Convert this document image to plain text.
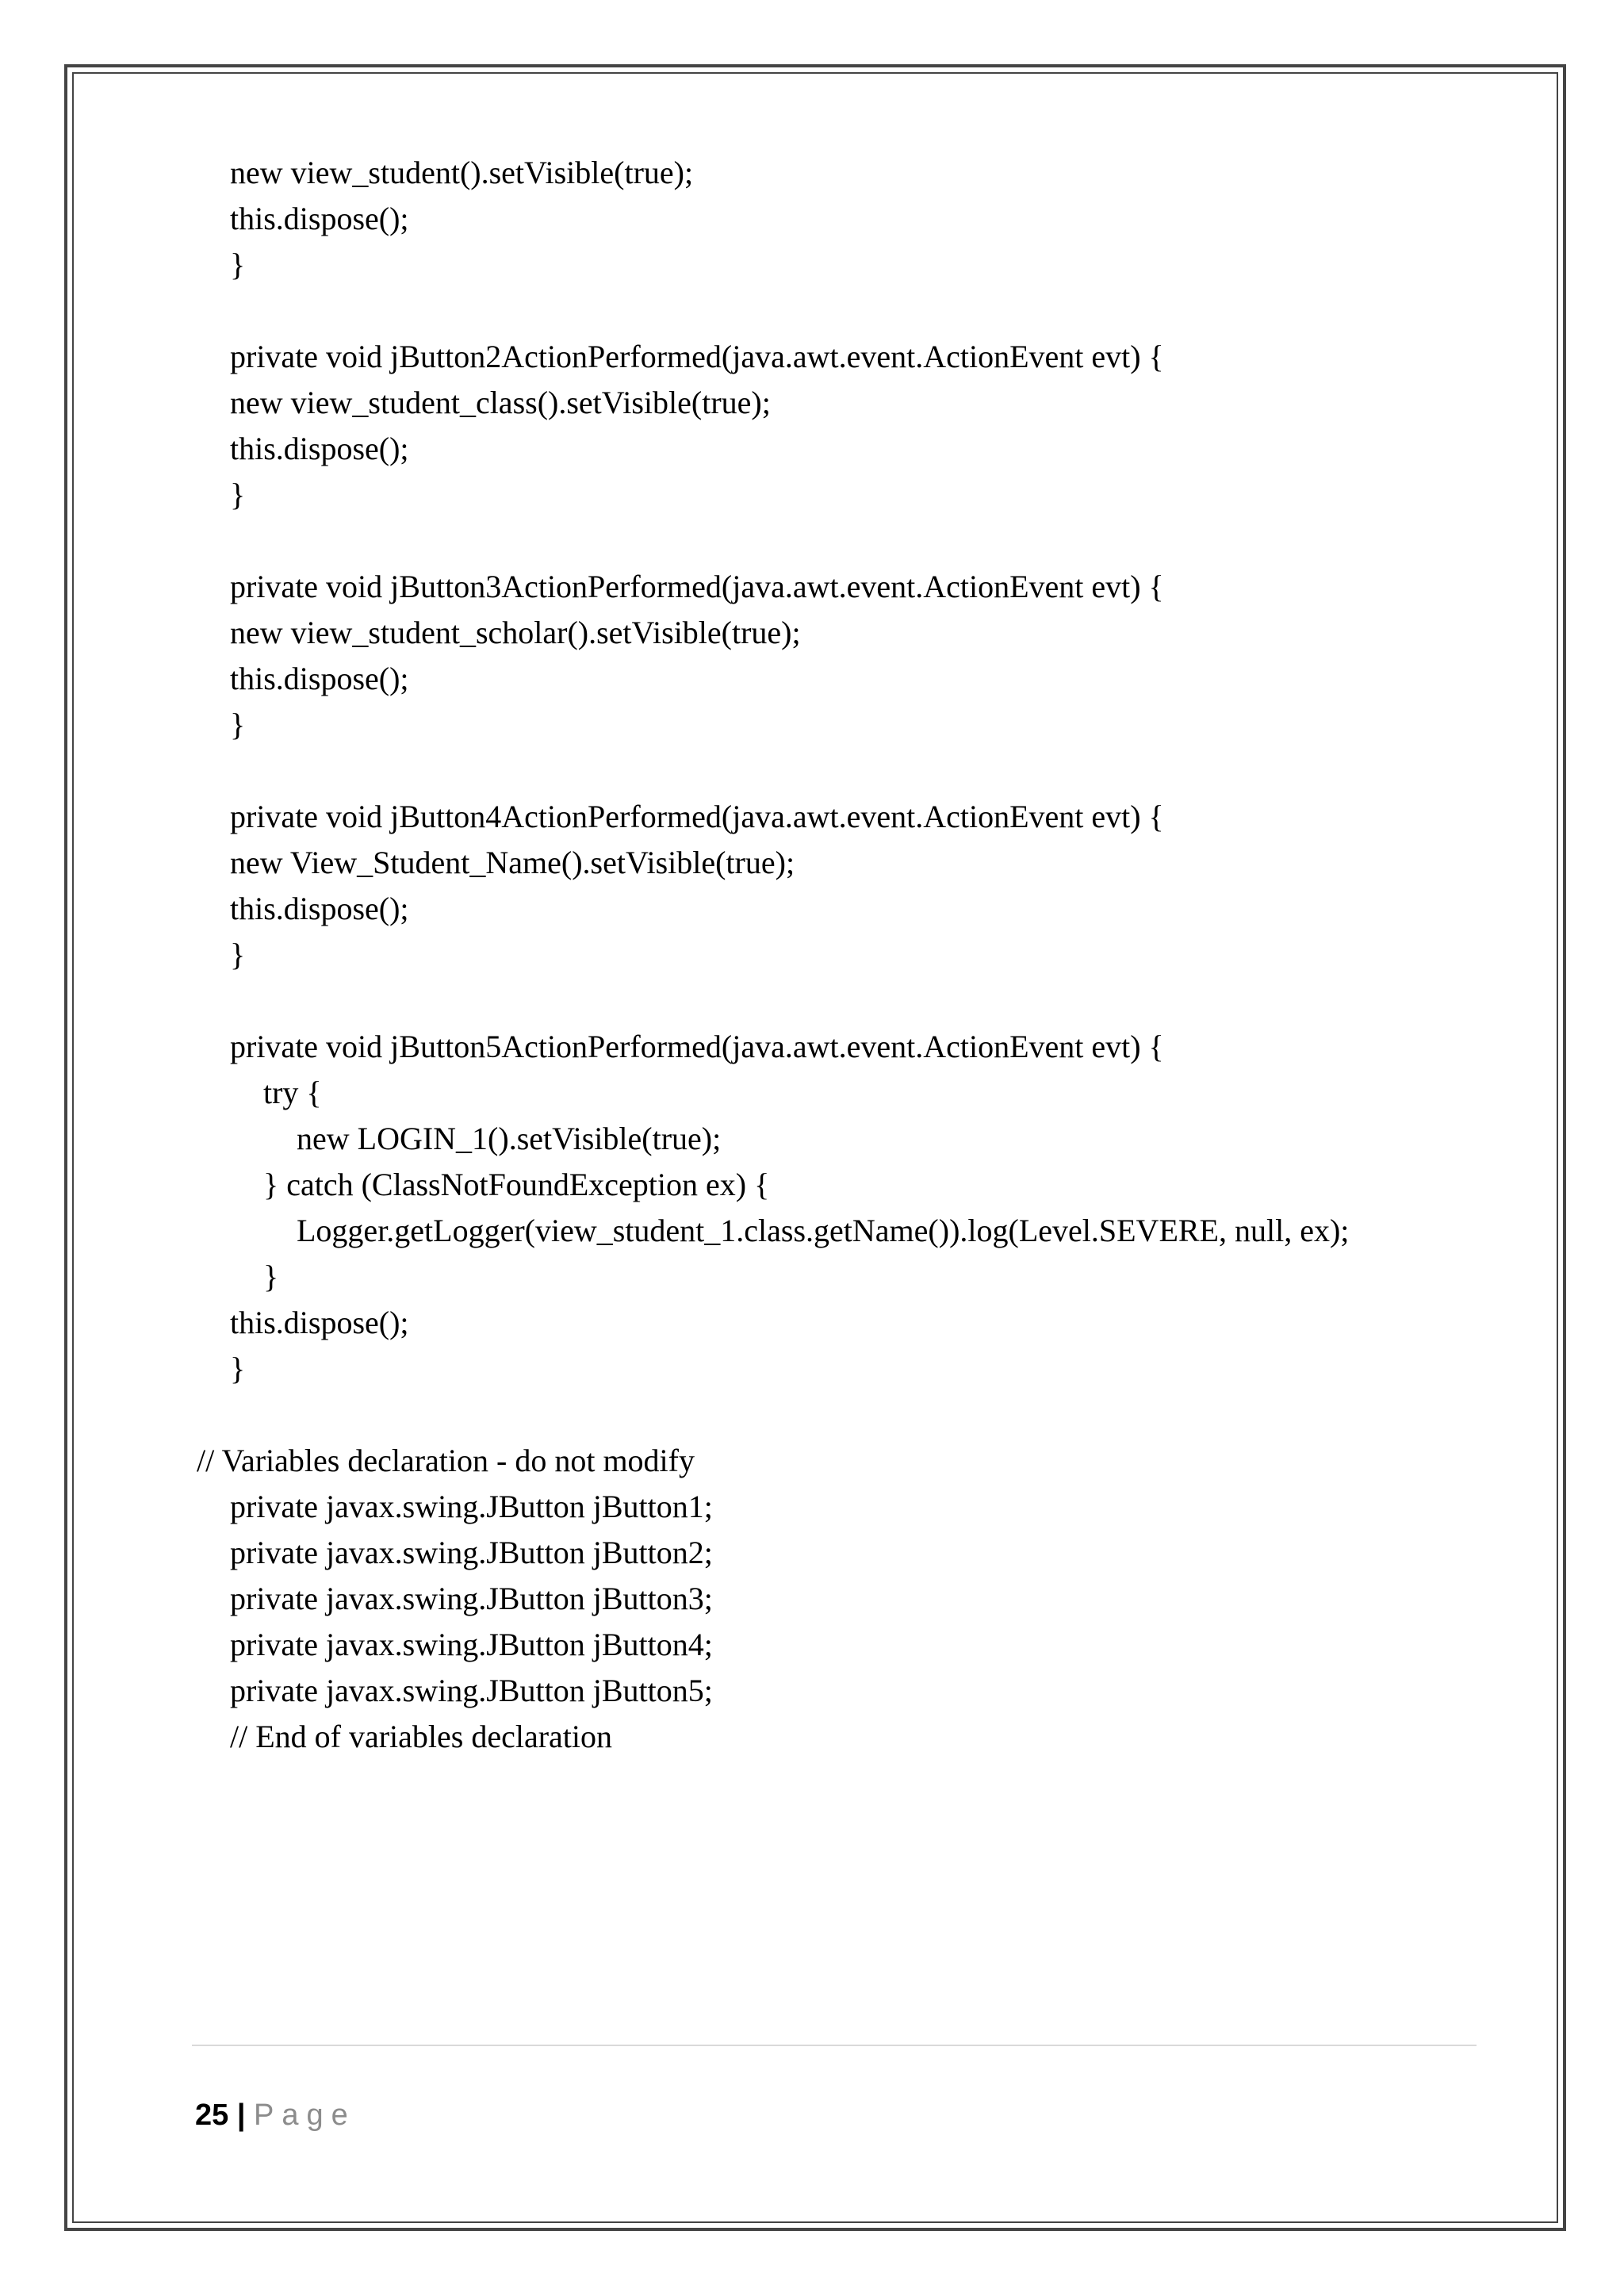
new view_student().setVisible(true);
this.dispose();
}
private void jButton2ActionPerformed(java.awt.event.ActionEvent evt) {
new view_student_class().setVisible(true);
this.dispose();
}
private void jButton3ActionPerformed(java.awt.event.ActionEvent evt) {
new view_student_scholar().setVisible(true);
this.dispose();
}
private void jButton4ActionPerformed(java.awt.event.ActionEvent evt) {
new View_Student_Name().setVisible(true);
this.dispose();
}
private void jButton5ActionPerformed(java.awt.event.ActionEvent evt) {
try {
new LOGIN_1().setVisible(true);
} catch (ClassNotFoundException ex) {
Logger.getLogger(view_student_1.class.getName()).log(Level.SEVERE, null, ex);
}
this.dispose();
}
// Variables declaration - do not modify
private javax.swing.JButton jButton1;
private javax.swing.JButton jButton2;
private javax.swing.JButton jButton3;
private javax.swing.JButton jButton4;
private javax.swing.JButton jButton5;
// End of variables declaration
25 | Page
